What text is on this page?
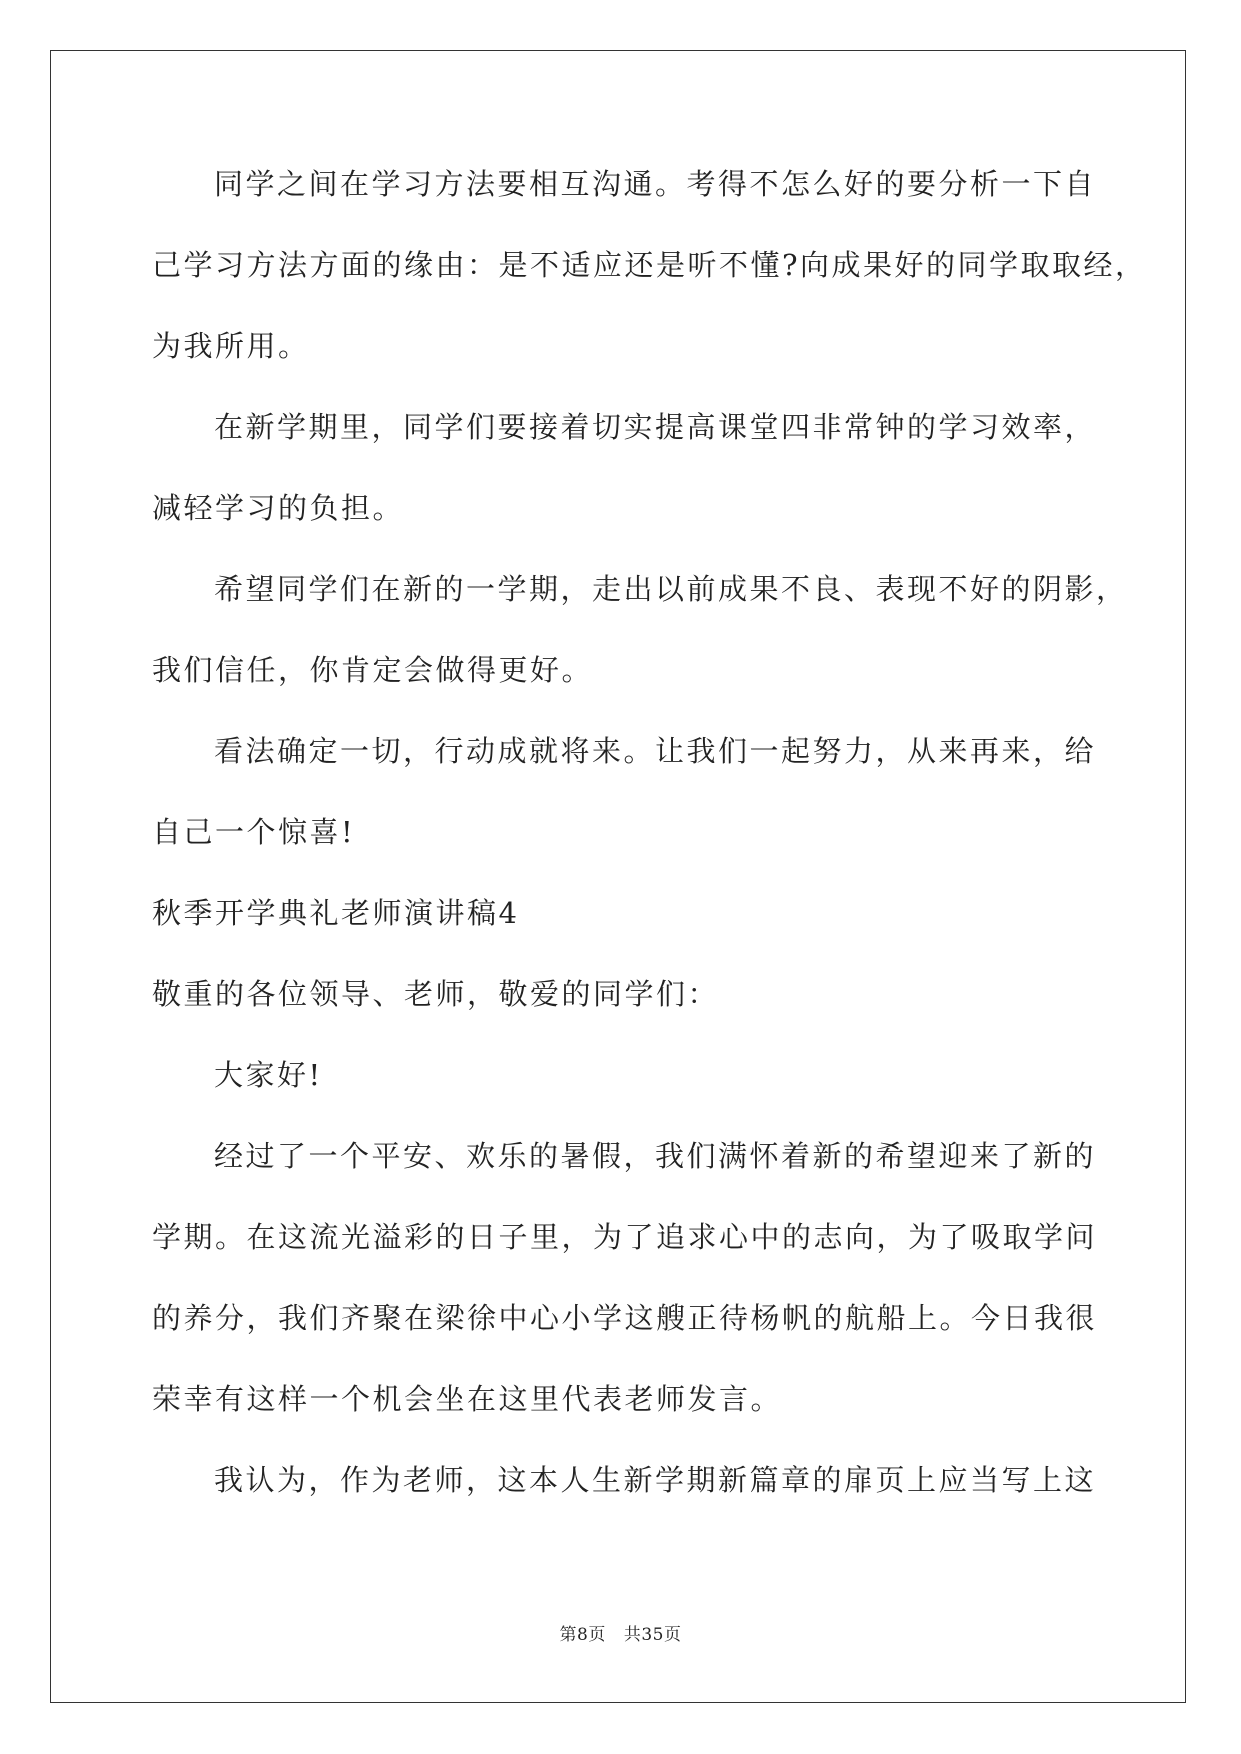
同学之间在学习方法要相互沟通。考得不怎么好的要分析一下自
己学习方法方面的缘由：是不适应还是听不懂?向成果好的同学取取经，
为我所用。
在新学期里，同学们要接着切实提高课堂四非常钟的学习效率，
减轻学习的负担。
希望同学们在新的一学期，走出以前成果不良、表现不好的阴影，
我们信任，你肯定会做得更好。
看法确定一切，行动成就将来。让我们一起努力，从来再来，给
自己一个惊喜!
秋季开学典礼老师演讲稿4
敬重的各位领导、老师，敬爱的同学们：
大家好!
经过了一个平安、欢乐的暑假，我们满怀着新的希望迎来了新的
学期。在这流光溢彩的日子里，为了追求心中的志向，为了吸取学问
的养分，我们齐聚在梁徐中心小学这艘正待杨帆的航船上。今日我很
荣幸有这样一个机会坐在这里代表老师发言。
我认为，作为老师，这本人生新学期新篇章的扉页上应当写上这
第8页 共35页
